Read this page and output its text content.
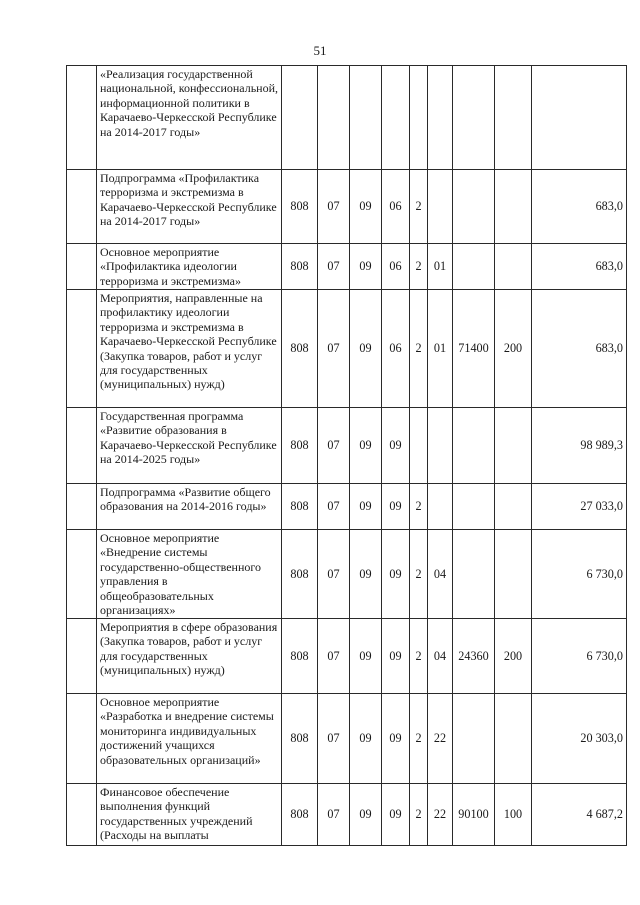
51
	«Реализация государственной национальной, конфессиональной, информационной политики в Карачаево-Черкесской Республике на 2014-2017 годы»									
	Подпрограмма «Профилактика терроризма и экстремизма в Карачаево-Черкесской Республике на 2014-2017 годы»	808	07	09	06	2				683,0
	Основное мероприятие «Профилактика идеологии терроризма и экстремизма»	808	07	09	06	2	01			683,0
	Мероприятия, направленные на профилактику идеологии терроризма и экстремизма в Карачаево-Черкесской Республике (Закупка товаров, работ и услуг для государственных (муниципальных) нужд)	808	07	09	06	2	01	71400	200	683,0
	Государственная программа «Развитие образования в Карачаево-Черкесской Республике на 2014-2025 годы»	808	07	09	09					98 989,3
	Подпрограмма «Развитие общего образования на 2014-2016 годы»	808	07	09	09	2				27 033,0
	Основное мероприятие «Внедрение системы государственно-общественного управления в общеобразовательных организациях»	808	07	09	09	2	04			6 730,0
	Мероприятия в сфере образования (Закупка товаров, работ и услуг для государственных (муниципальных) нужд)	808	07	09	09	2	04	24360	200	6 730,0
	Основное мероприятие «Разработка и внедрение системы мониторинга индивидуальных достижений учащихся образовательных организаций»	808	07	09	09	2	22			20 303,0
	Финансовое обеспечение выполнения функций государственных учреждений (Расходы на выплаты	808	07	09	09	2	22	90100	100	4 687,2
